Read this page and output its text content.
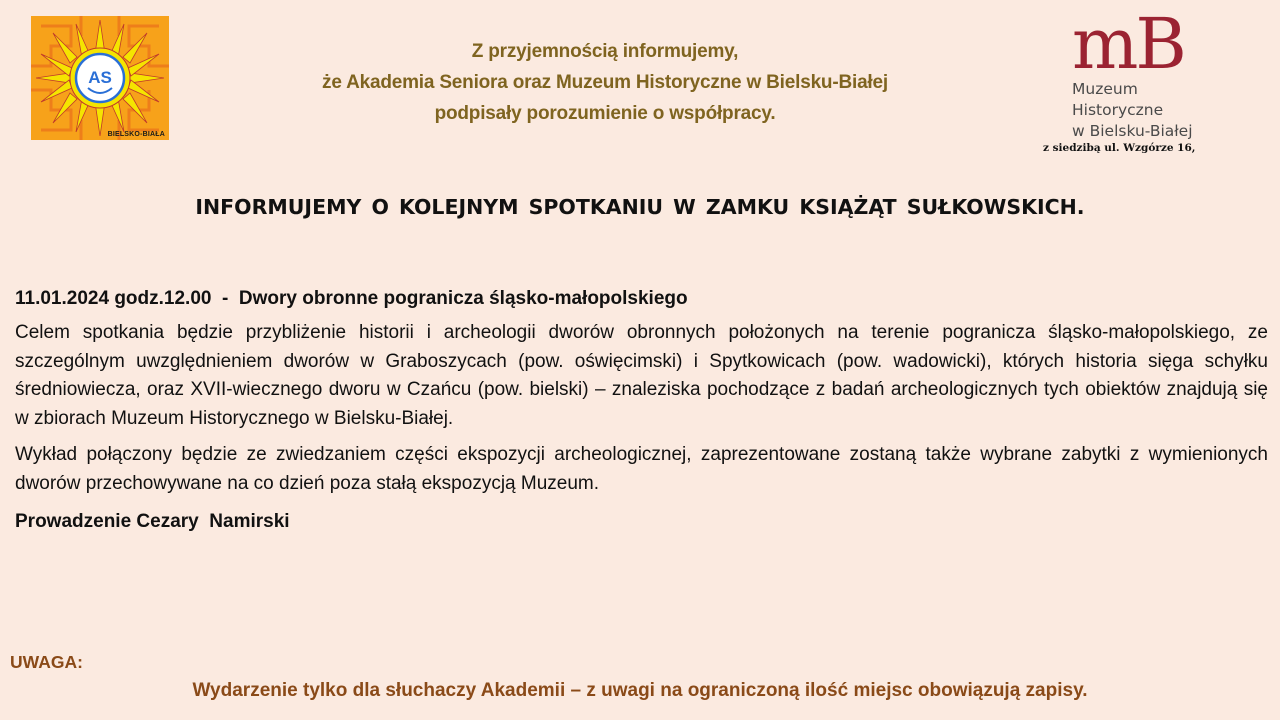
AS
BIELSKO-BIAŁA
Z przyjemnością informujemy,
że Akademia Seniora oraz Muzeum Historyczne w Bielsku-Białej
podpisały porozumienie o współpracy.
mB
Muzeum
Historyczne
w Bielsku-Białej
z siedzibą ul. Wzgórze 16,
INFORMUJEMY O KOLEJNYM SPOTKANIU W ZAMKU KSIĄŻĄT SUŁKOWSKICH.
11.01.2024 godz.12.00  -  Dwory obronne pogranicza śląsko-małopolskiego

Celem spotkania będzie przybliżenie historii i archeologii dworów obronnych położonych na terenie pogranicza śląsko-małopolskiego, ze szczególnym uwzględnieniem dworów w Graboszycach (pow. oświęcimski) i Spytkowicach (pow. wadowicki), których historia sięga schyłku średniowiecza, oraz XVII-wiecznego dworu w Czańcu (pow. bielski) – znaleziska pochodzące z badań archeologicznych tych obiektów znajdują się w zbiorach Muzeum Historycznego w Bielsku-Białej.

Wykład połączony będzie ze zwiedzaniem części ekspozycji archeologicznej, zaprezentowane zostaną także wybrane zabytki z wymienionych dworów przechowywane na co dzień poza stałą ekspozycją Muzeum.

Prowadzenie Cezary  Namirski
UWAGA:
Wydarzenie tylko dla słuchaczy Akademii – z uwagi na ograniczoną ilość miejsc obowiązują zapisy.
